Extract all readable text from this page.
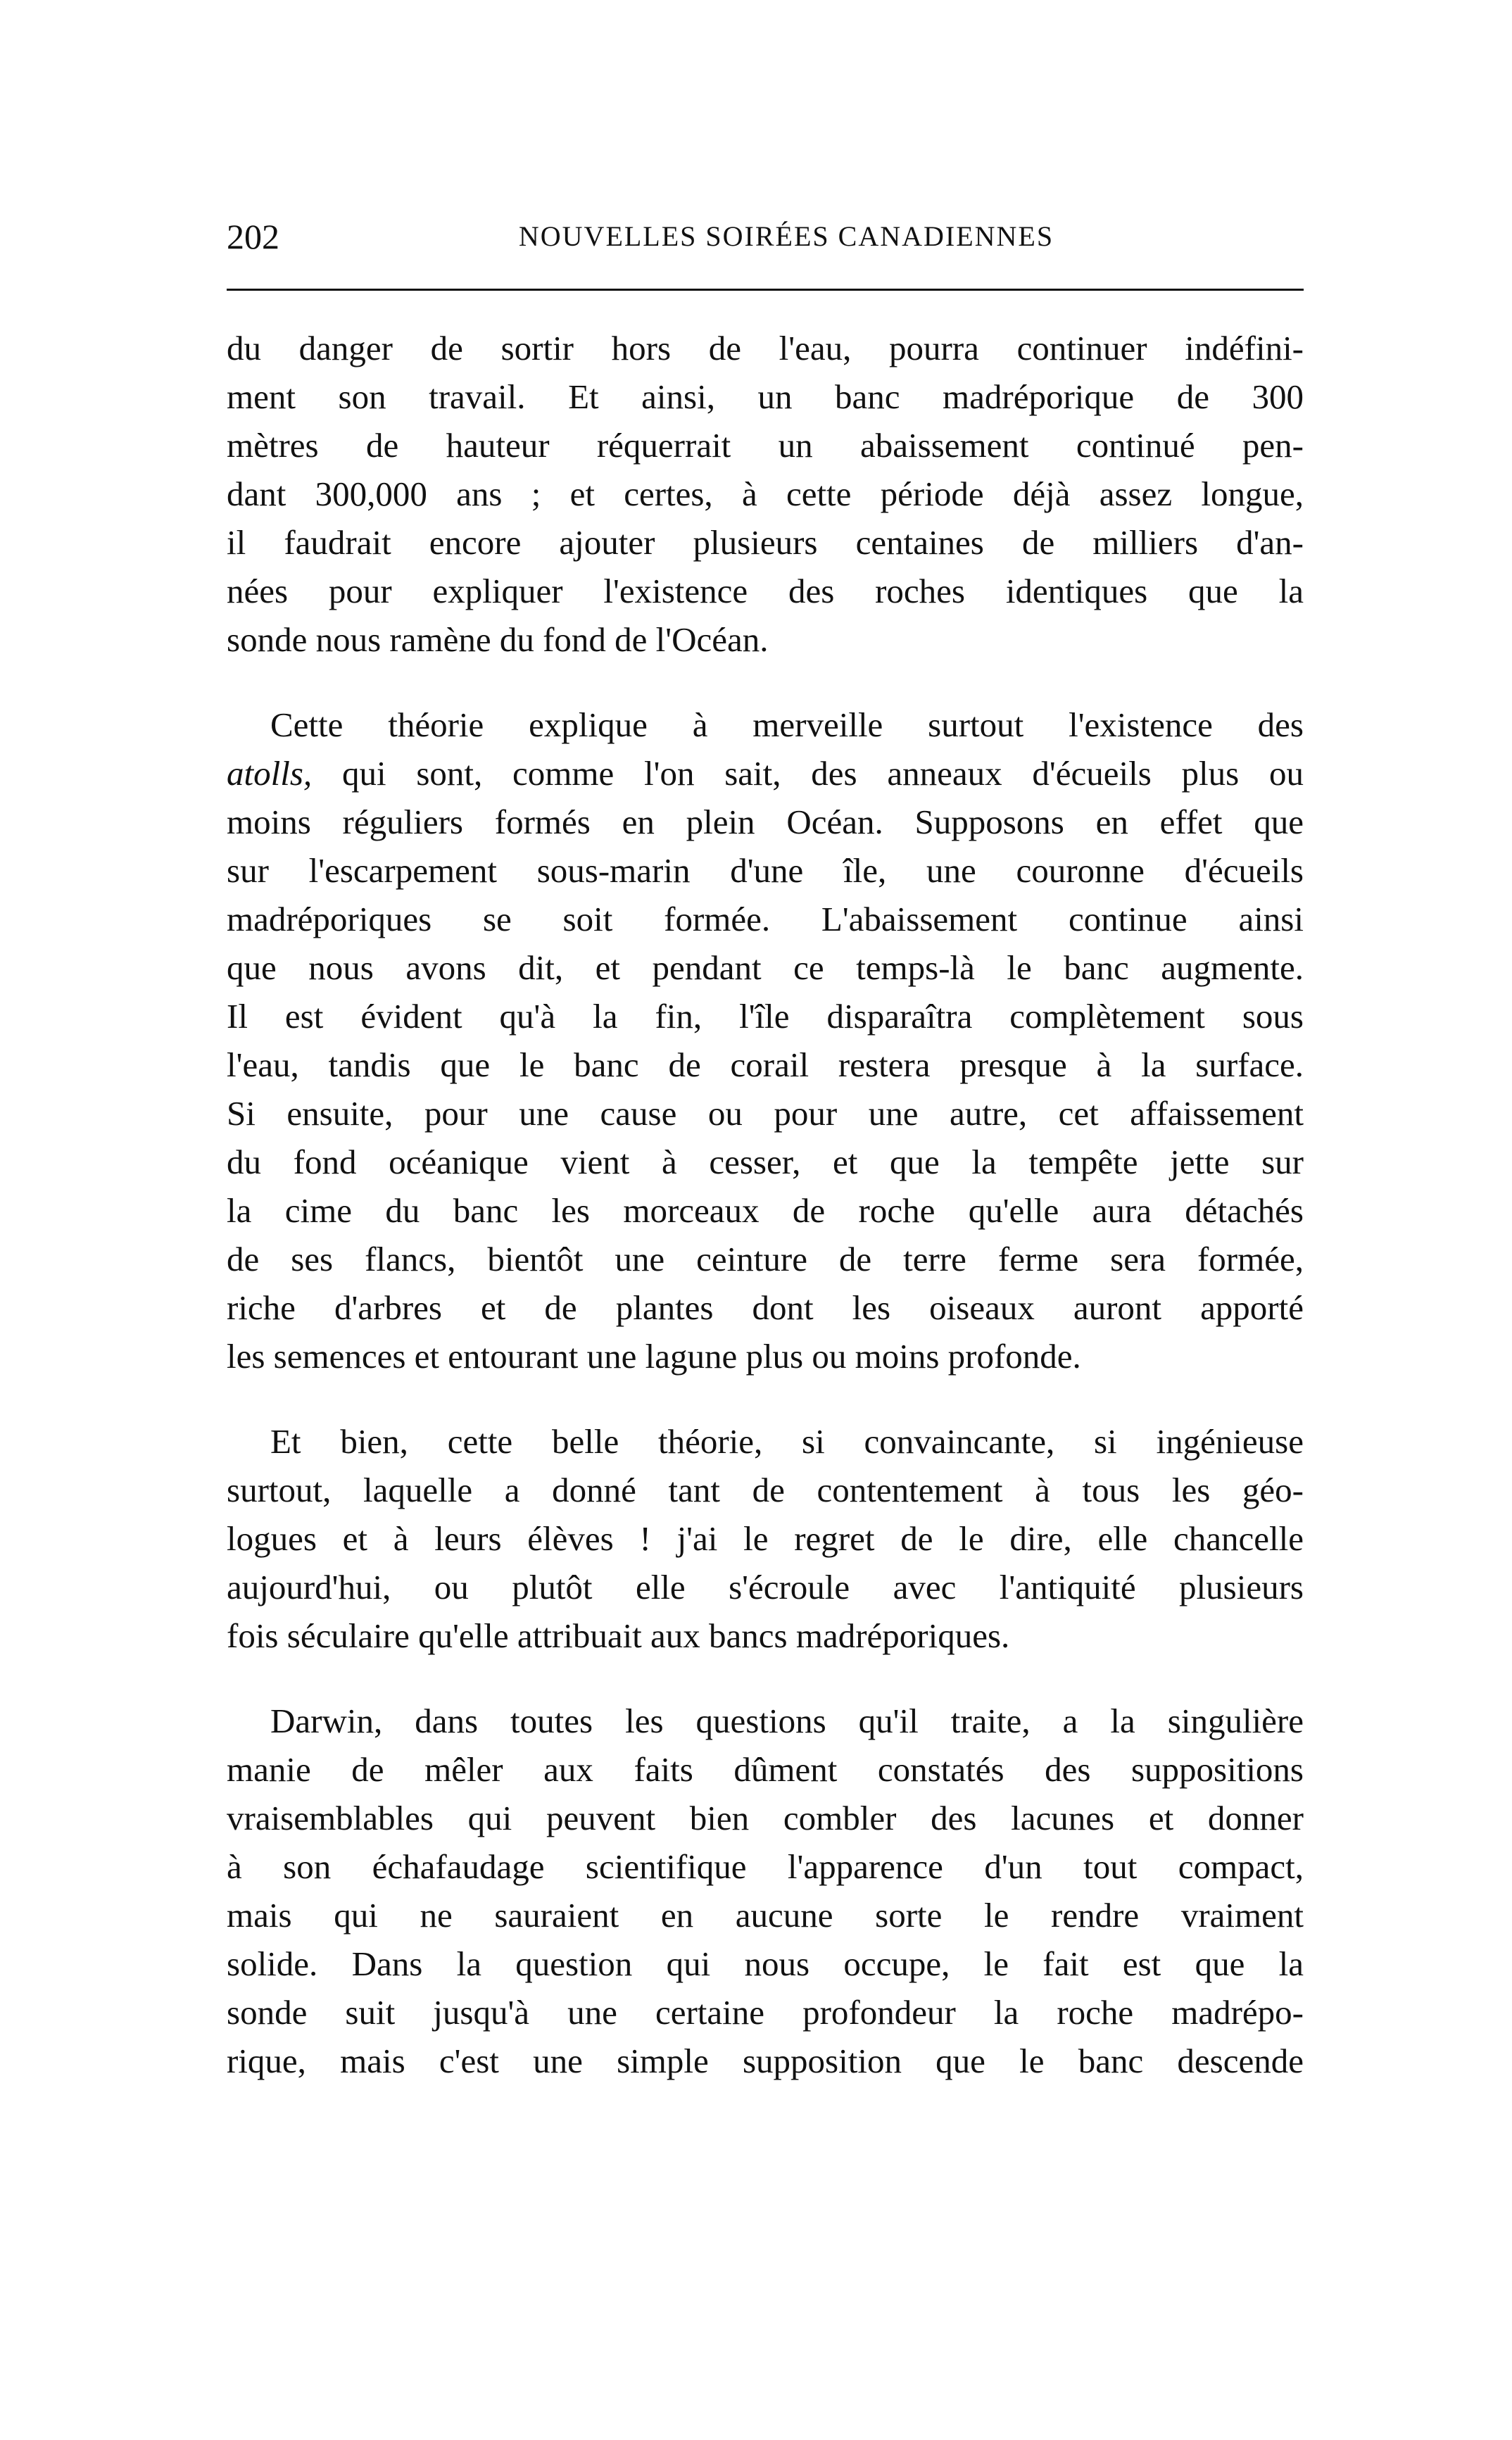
202	NOUVELLES SOIRÉES CANADIENNES

du danger de sortir hors de l'eau, pourra continuer indéfini-
ment son travail. Et ainsi, un banc madréporique de 300
mètres de hauteur réquerrait un abaissement continué pen-
dant 300,000 ans ; et certes, à cette période déjà assez longue,
il faudrait encore ajouter plusieurs centaines de milliers d'an-
nées pour expliquer l'existence des roches identiques que la
sonde nous ramène du fond de l'Océan.

Cette théorie explique à merveille surtout l'existence des
atolls, qui sont, comme l'on sait, des anneaux d'écueils plus ou
moins réguliers formés en plein Océan. Supposons en effet que
sur l'escarpement sous-marin d'une île, une couronne d'écueils
madréporiques se soit formée. L'abaissement continue ainsi
que nous avons dit, et pendant ce temps-là le banc augmente.
Il est évident qu'à la fin, l'île disparaîtra complètement sous
l'eau, tandis que le banc de corail restera presque à la surface.
Si ensuite, pour une cause ou pour une autre, cet affaissement
du fond océanique vient à cesser, et que la tempête jette sur
la cime du banc les morceaux de roche qu'elle aura détachés
de ses flancs, bientôt une ceinture de terre ferme sera formée,
riche d'arbres et de plantes dont les oiseaux auront apporté
les semences et entourant une lagune plus ou moins profonde.

Et bien, cette belle théorie, si convaincante, si ingénieuse
surtout, laquelle a donné tant de contentement à tous les géo-
logues et à leurs élèves ! j'ai le regret de le dire, elle chancelle
aujourd'hui, ou plutôt elle s'écroule avec l'antiquité plusieurs
fois séculaire qu'elle attribuait aux bancs madréporiques.

Darwin, dans toutes les questions qu'il traite, a la singulière
manie de mêler aux faits dûment constatés des suppositions
vraisemblables qui peuvent bien combler des lacunes et donner
à son échafaudage scientifique l'apparence d'un tout compact,
mais qui ne sauraient en aucune sorte le rendre vraiment
solide. Dans la question qui nous occupe, le fait est que la
sonde suit jusqu'à une certaine profondeur la roche madrépo-
rique, mais c'est une simple supposition que le banc descende
